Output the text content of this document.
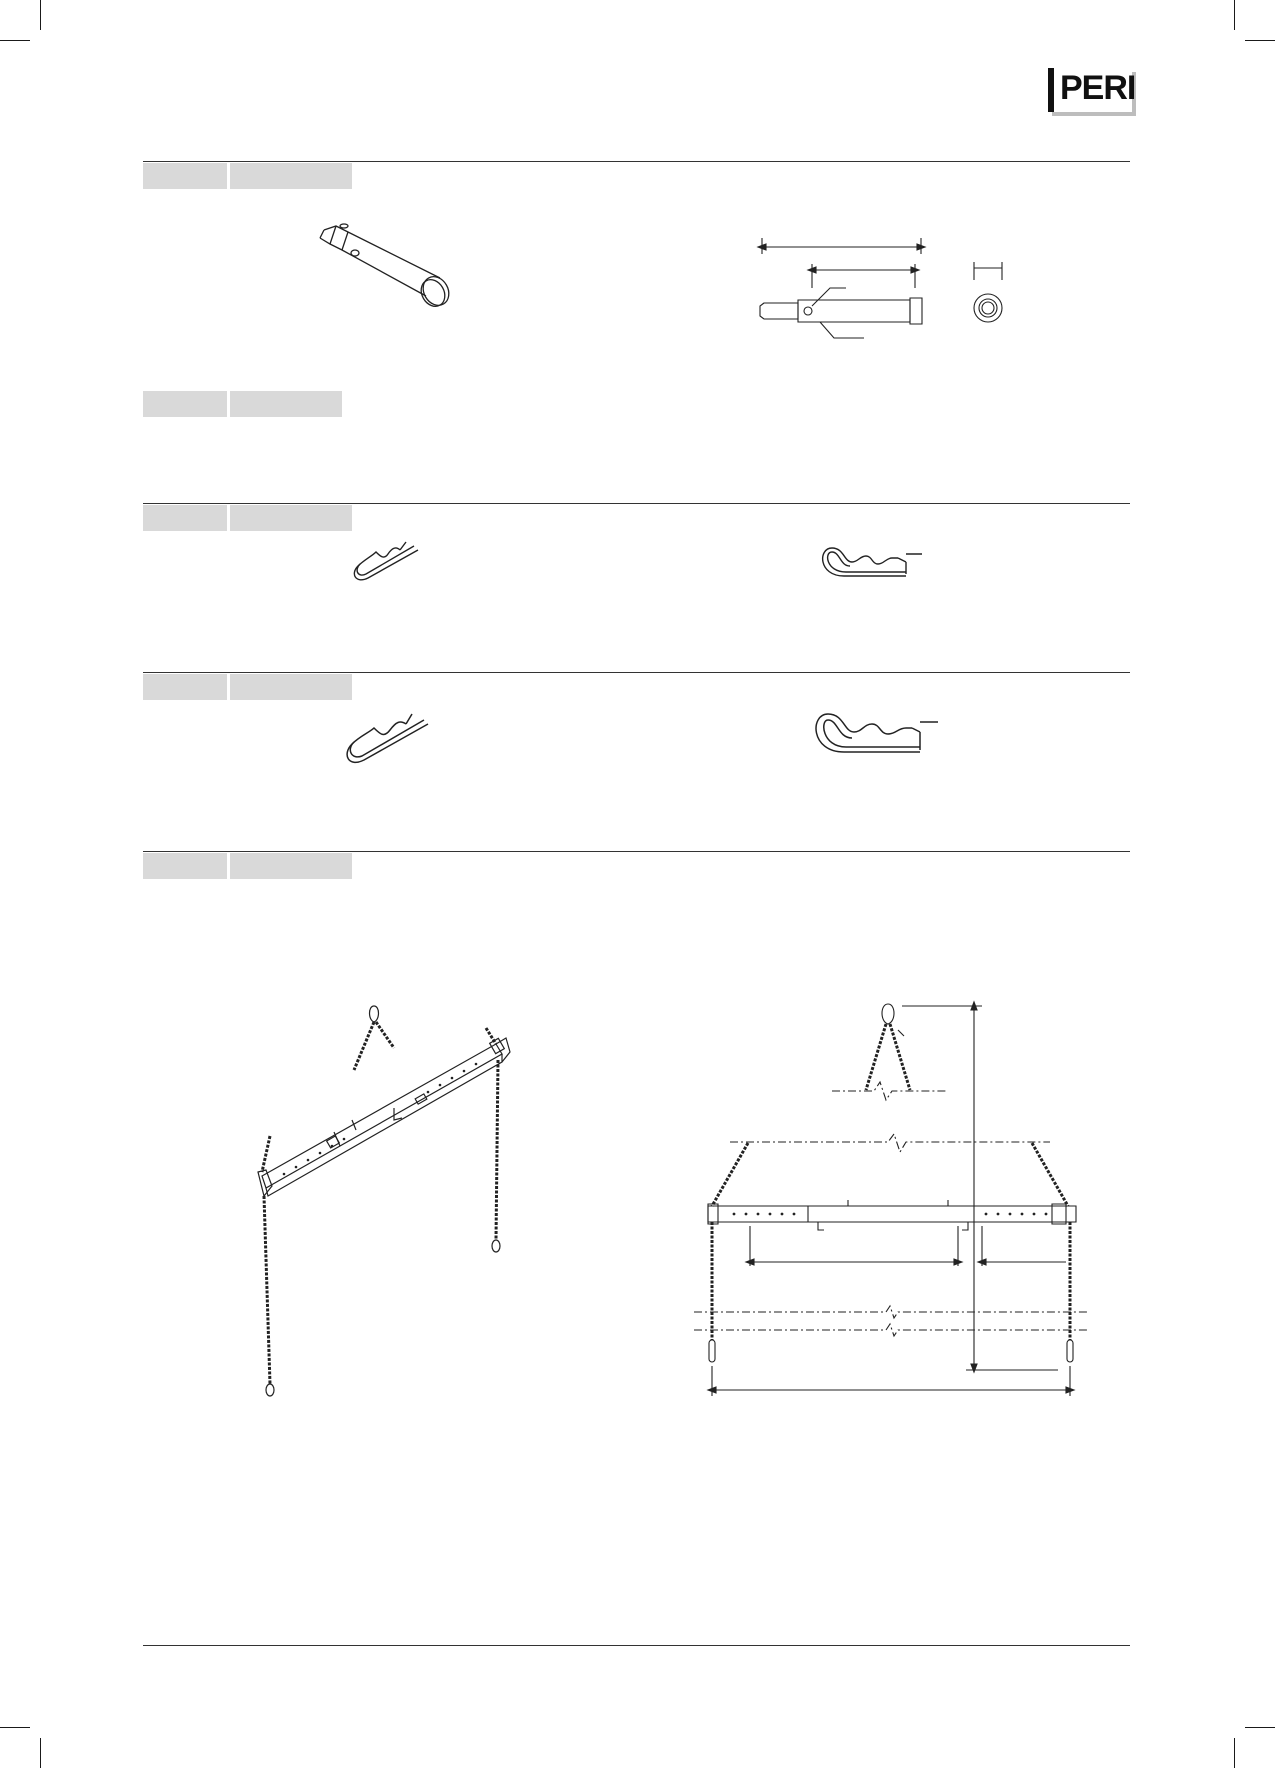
PERI
